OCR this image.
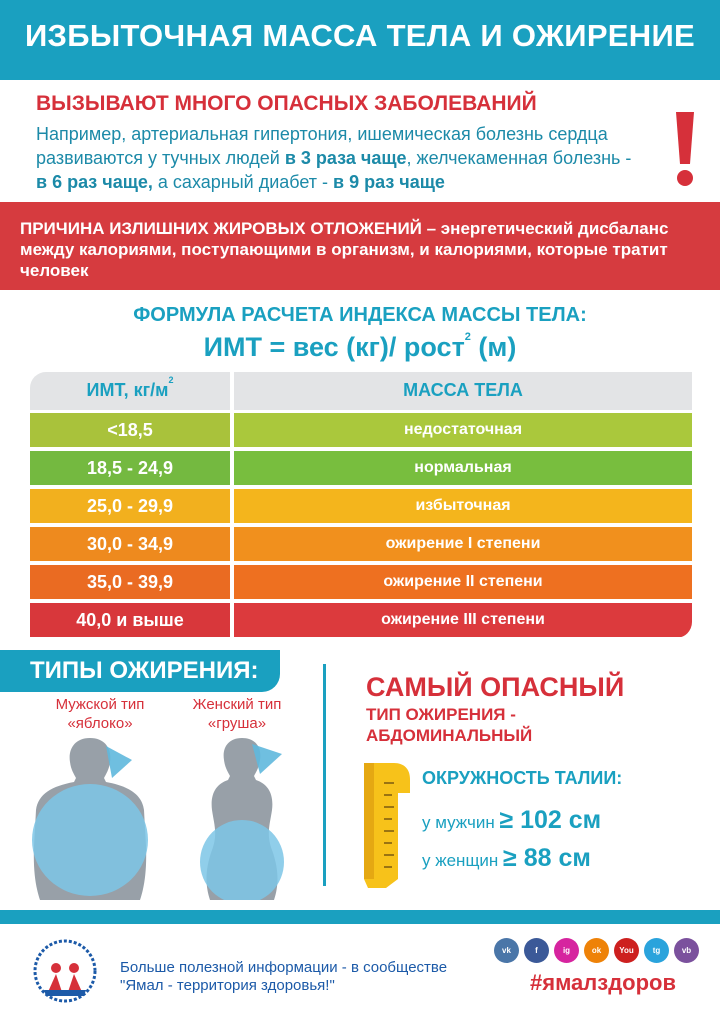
ИЗБЫТОЧНАЯ МАССА ТЕЛА И ОЖИРЕНИЕ
ВЫЗЫВАЮТ МНОГО ОПАСНЫХ ЗАБОЛЕВАНИЙ
Например, артериальная гипертония, ишемическая болезнь сердца развиваются у тучных людей в 3 раза чаще, желчекаменная болезнь -
в 6 раз чаще, а сахарный диабет - в 9 раз чаще
ПРИЧИНА ИЗЛИШНИХ ЖИРОВЫХ ОТЛОЖЕНИЙ – энергетический дисбаланс между калориями, поступающими в организм, и калориями, которые тратит человек
ФОРМУЛА РАСЧЕТА ИНДЕКСА МАССЫ ТЕЛА:
ИМТ = вес (кг)/ рост$^2$ (м)
ИМТ, $кг/м^2$	МАССА ТЕЛА
<18,5	недостаточная
18,5 - 24,9	нормальная
25,0 - 29,9	избыточная
30,0 - 34,9	ожирение I степени
35,0 - 39,9	ожирение II степени
40,0 и выше	ожирение III степени
ТИПЫ ОЖИРЕНИЯ:
Мужской тип «яблоко»
Женский тип «груша»
САМЫЙ ОПАСНЫЙ
ТИП ОЖИРЕНИЯ -
АБДОМИНАЛЬНЫЙ
ОКРУЖНОСТЬ ТАЛИИ:
у мужчин ≥ 102 см
у женщин ≥ 88 см
Больше полезной информации - в сообществе
"Ямал - территория здоровья!"
vk	f	ig	ok	You	tg	vb
#ямалздоров
